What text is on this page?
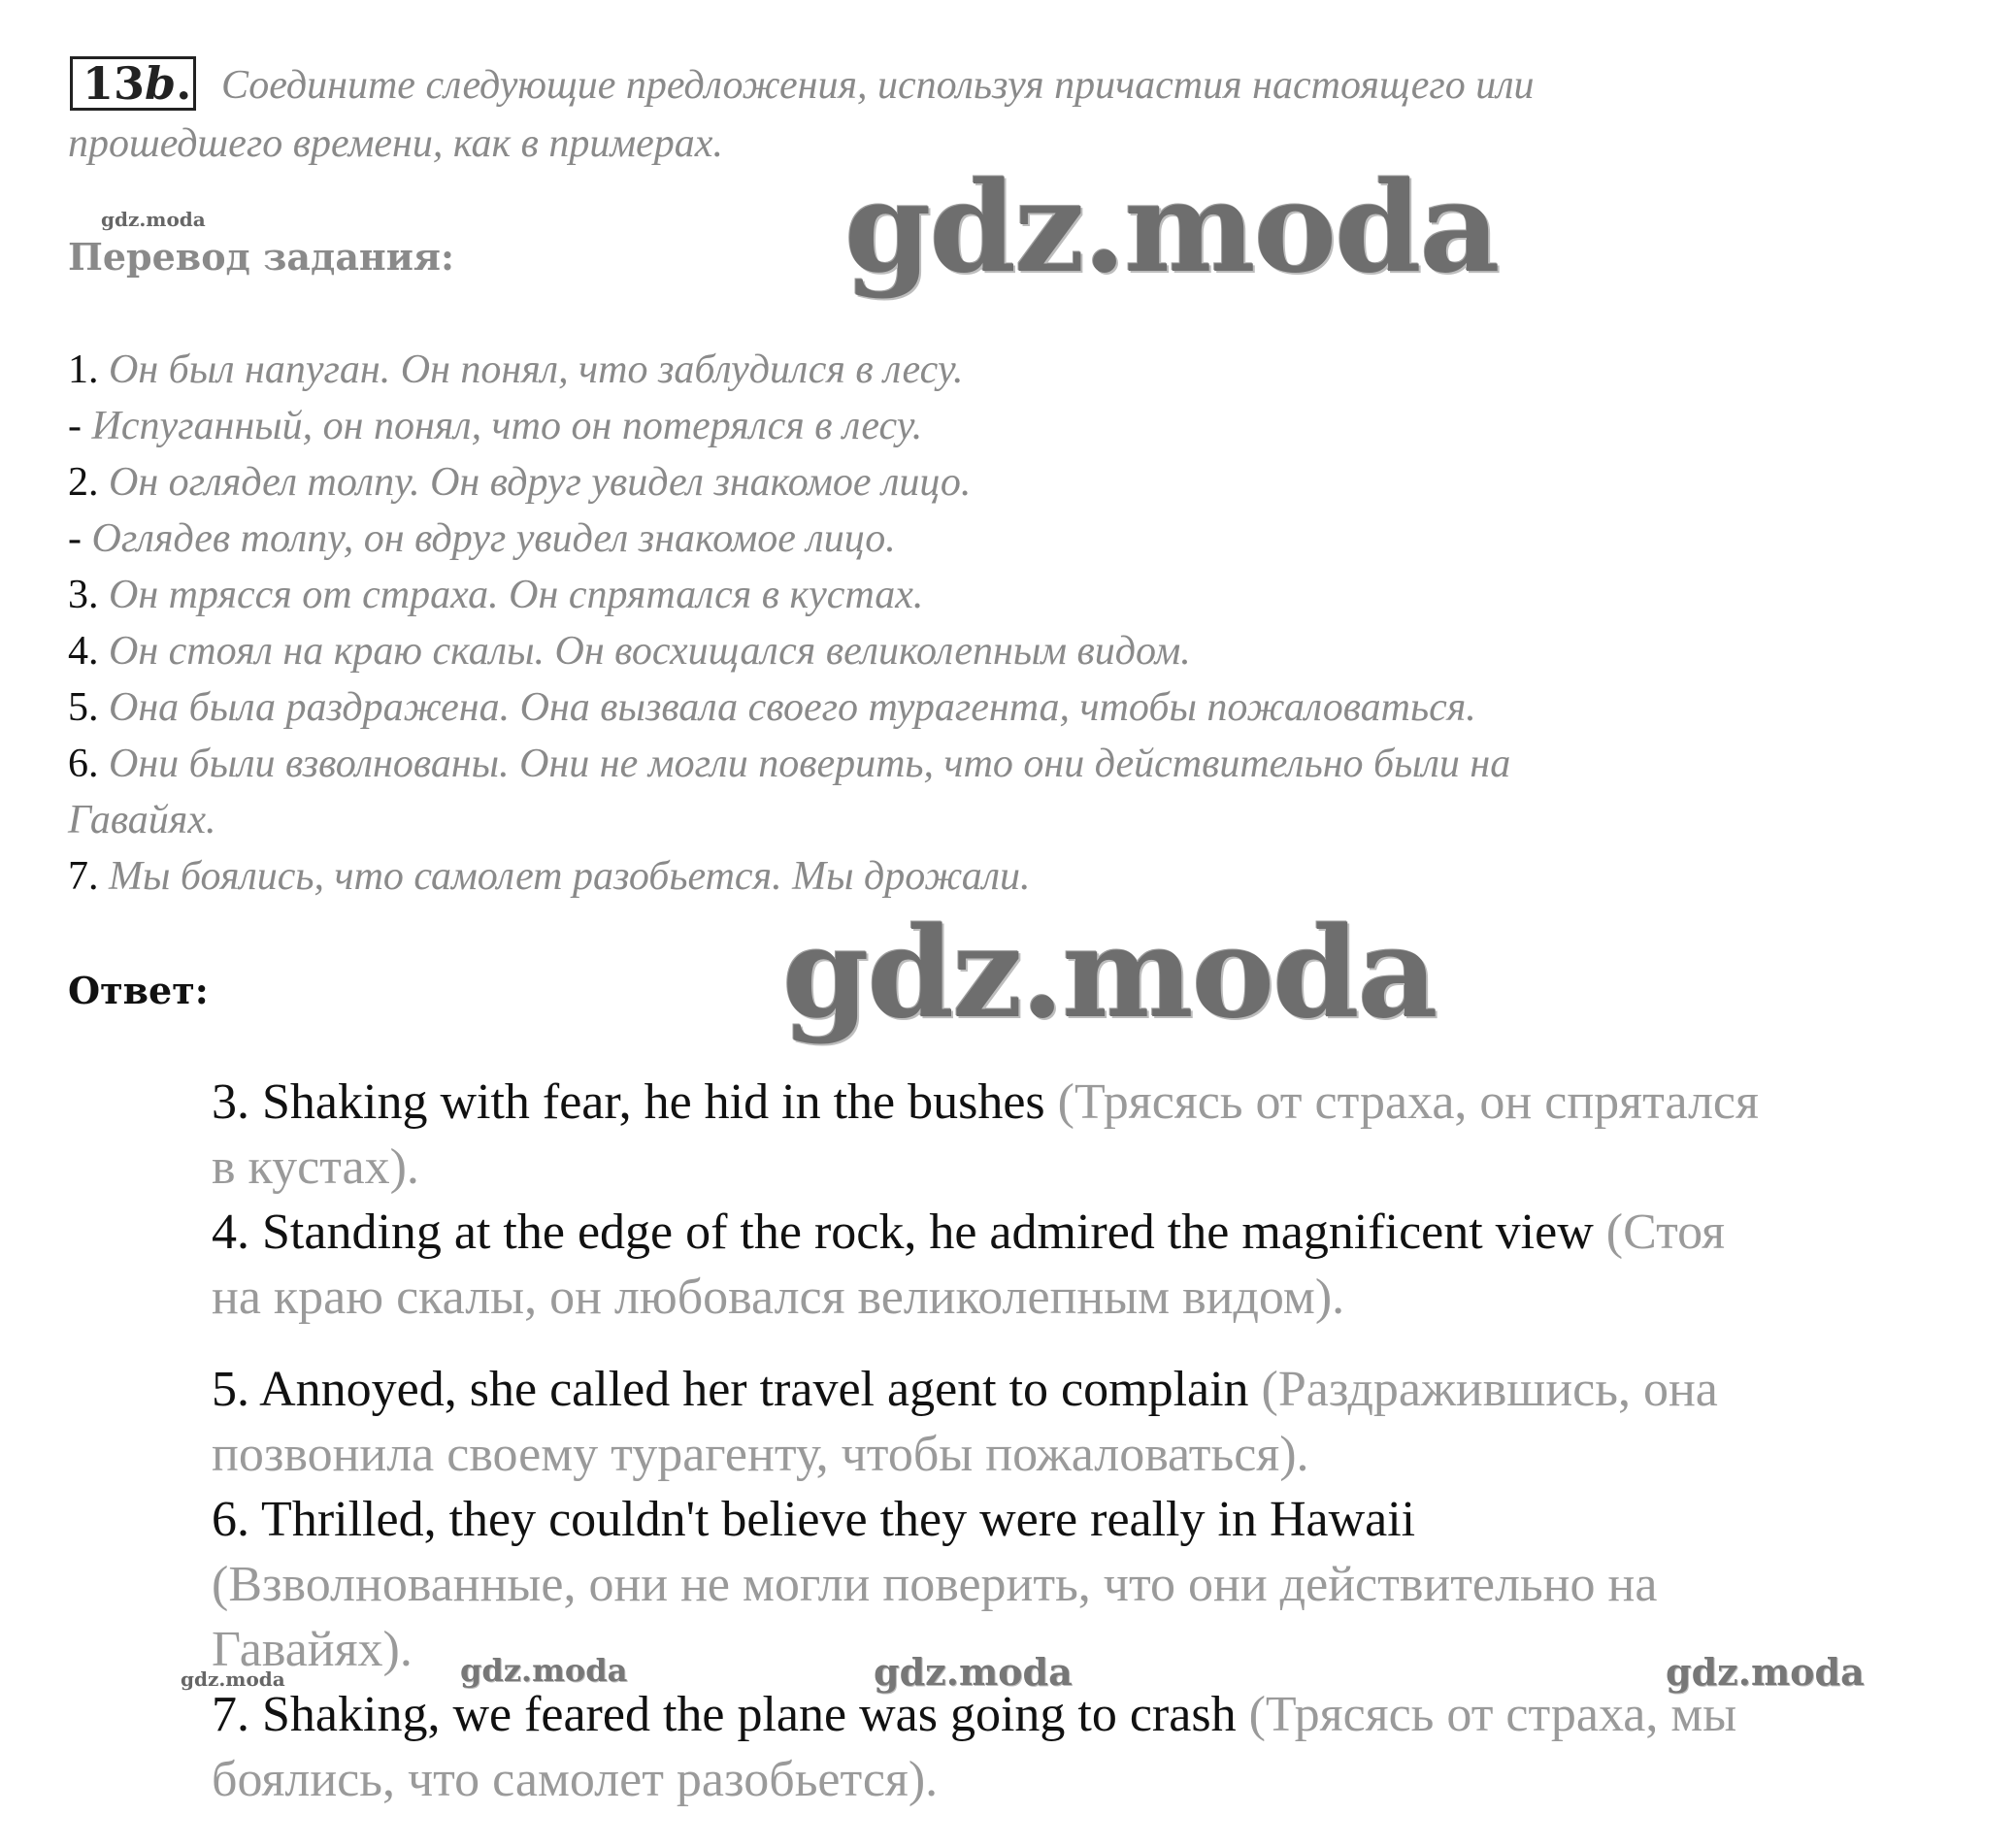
13b. Соедините следующие предложения, используя причастия настоящего или
прошедшего времени, как в примерах.
gdz.moda	gdz.moda
Перевод задания:
1. Он был напуган. Он понял, что заблудился в лесу.
- Испуганный, он понял, что он потерялся в лесу.
2. Он оглядел толпу. Он вдруг увидел знакомое лицо.
- Оглядев толпу, он вдруг увидел знакомое лицо.
3. Он трясся от страха. Он спрятался в кустах.
4. Он стоял на краю скалы. Он восхищался великолепным видом.
5. Она была раздражена. Она вызвала своего турагента, чтобы пожаловаться.
6. Они были взволнованы. Они не могли поверить, что они действительно были на
Гавайях.
7. Мы боялись, что самолет разобьется. Мы дрожали.
gdz.moda
Ответ:
3. Shaking with fear, he hid in the bushes (Трясясь от страха, он спрятался
в кустах).
4. Standing at the edge of the rock, he admired the magnificent view (Стоя
на краю скалы, он любовался великолепным видом).
5. Annoyed, she called her travel agent to complain (Раздражившись, она
позвонила своему турагенту, чтобы пожаловаться).
6. Thrilled, they couldn't believe they were really in Hawaii
(Взволнованные, они не могли поверить, что они действительно на
Гавайях).
7. Shaking, we feared the plane was going to crash (Трясясь от страха, мы
боялись, что самолет разобьется).
gdz.moda	gdz.moda	gdz.moda	gdz.moda
